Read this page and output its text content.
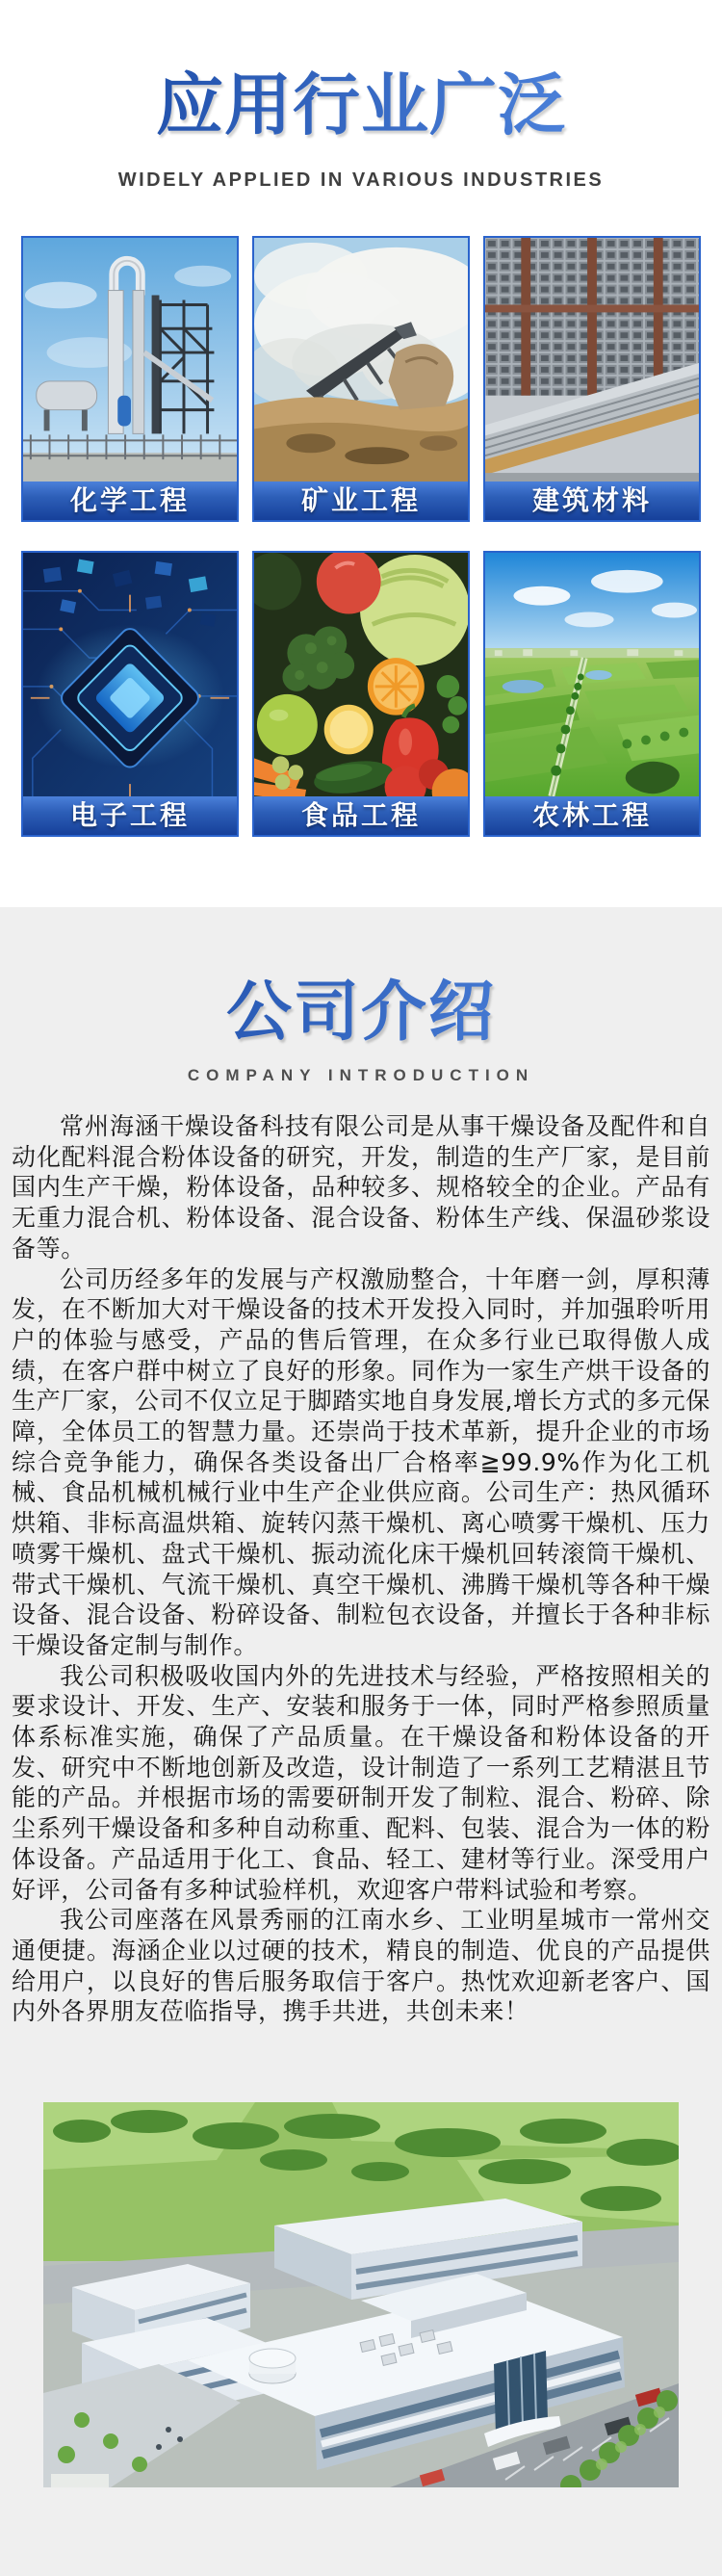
应用行业广泛
WIDELY APPLIED IN VARIOUS INDUSTRIES
化学工程	矿业工程	建筑材料
电子工程	食品工程	农林工程
公司介绍
COMPANY INTRODUCTION

常州海涵干燥设备科技有限公司是从事干燥设备及配件和自动化配料混合粉体设备的研究，开发，制造的生产厂家，是目前国内生产干燥，粉体设备，品种较多、规格较全的企业。产品有无重力混合机、粉体设备、混合设备、粉体生产线、保温砂浆设备等。

公司历经多年的发展与产权激励整合，十年磨一剑，厚积薄发，在不断加大对干燥设备的技术开发投入同时，并加强聆听用户的体验与感受，产品的售后管理，在众多行业已取得傲人成绩，在客户群中树立了良好的形象。同作为一家生产烘干设备的生产厂家，公司不仅立足于脚踏实地自身发展,增长方式的多元保障，全体员工的智慧力量。还崇尚于技术革新，提升企业的市场综合竞争能力，确保各类设备出厂合格率≧99.9%作为化工机械、食品机械机械行业中生产企业供应商。公司生产：热风循环烘箱、非标高温烘箱、旋转闪蒸干燥机、离心喷雾干燥机、压力喷雾干燥机、盘式干燥机、振动流化床干燥机回转滚筒干燥机、带式干燥机、气流干燥机、真空干燥机、沸腾干燥机等各种干燥设备、混合设备、粉碎设备、制粒包衣设备，并擅长于各种非标干燥设备定制与制作。

我公司积极吸收国内外的先进技术与经验，严格按照相关的要求设计、开发、生产、安装和服务于一体，同时严格参照质量体系标准实施，确保了产品质量。在干燥设备和粉体设备的开发、研究中不断地创新及改造，设计制造了一系列工艺精湛且节能的产品。并根据市场的需要研制开发了制粒、混合、粉碎、除尘系列干燥设备和多种自动称重、配料、包装、混合为一体的粉体设备。产品适用于化工、食品、轻工、建材等行业。深受用户好评，公司备有多种试验样机，欢迎客户带料试验和考察。

我公司座落在风景秀丽的江南水乡、工业明星城市一常州交通便捷。海涵企业以过硬的技术，精良的制造、优良的产品提供给用户，以良好的售后服务取信于客户。热忱欢迎新老客户、国内外各界朋友莅临指导，携手共进，共创未来！
